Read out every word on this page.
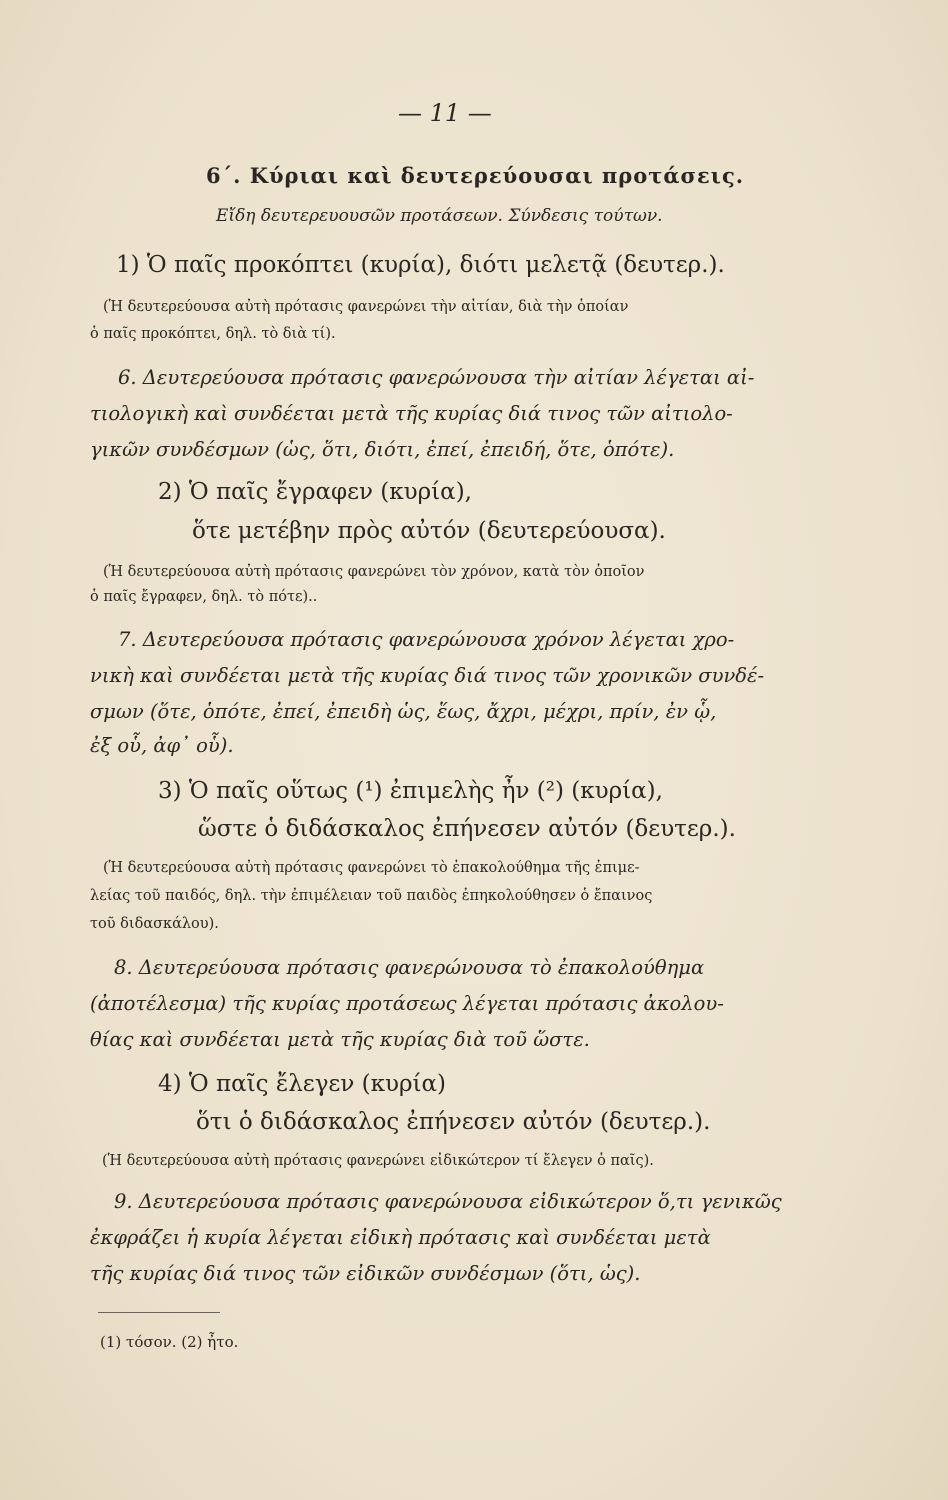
— 11 —
6΄. Κύριαι καὶ δευτερεύουσαι προτάσεις.
Εἴδη δευτερευουσῶν προτάσεων. Σύνδεσις τούτων.
1) Ὁ παῖς προκόπτει (κυρία), διότι μελετᾷ (δευτερ.).
(Ἡ δευτερεύουσα αὐτὴ πρότασις φανερώνει τὴν αἰτίαν, διὰ τὴν ὁποίαν
ὁ παῖς προκόπτει, δηλ. τὸ διὰ τί).
6. Δευτερεύουσα πρότασις φανερώνουσα τὴν αἰτίαν λέγεται αἰ-
τιολογικὴ καὶ συνδέεται μετὰ τῆς κυρίας διά τινος τῶν αἰτιολο-
γικῶν συνδέσμων (ὡς, ὅτι, διότι, ἐπεί, ἐπειδή, ὅτε, ὁπότε).
2) Ὁ παῖς ἔγραφεν (κυρία),
ὅτε μετέβην πρὸς αὐτόν (δευτερεύουσα).
(Ἡ δευτερεύουσα αὐτὴ πρότασις φανερώνει τὸν χρόνον, κατὰ τὸν ὁποῖον
ὁ παῖς ἔγραφεν, δηλ. τὸ πότε)..
7. Δευτερεύουσα πρότασις φανερώνουσα χρόνον λέγεται χρο-
νικὴ καὶ συνδέεται μετὰ τῆς κυρίας διά τινος τῶν χρονικῶν συνδέ-
σμων (ὅτε, ὁπότε, ἐπεί, ἐπειδὴ ὡς, ἕως, ἄχρι, μέχρι, πρίν, ἐν ᾧ,
ἐξ οὗ, ἀφ᾽ οὗ).
3) Ὁ παῖς οὕτως (¹) ἐπιμελὴς ἦν (²) (κυρία),
ὥστε ὁ διδάσκαλος ἐπήνεσεν αὐτόν (δευτερ.).
(Ἡ δευτερεύουσα αὐτὴ πρότασις φανερώνει τὸ ἐπακολούθημα τῆς ἐπιμε-
λείας τοῦ παιδός, δηλ. τὴν ἐπιμέλειαν τοῦ παιδὸς ἐπηκολούθησεν ὁ ἔπαινος
τοῦ διδασκάλου).
8. Δευτερεύουσα πρότασις φανερώνουσα τὸ ἐπακολούθημα
(ἀποτέλεσμα) τῆς κυρίας προτάσεως λέγεται πρότασις ἀκολου-
θίας καὶ συνδέεται μετὰ τῆς κυρίας διὰ τοῦ ὥστε.
4) Ὁ παῖς ἔλεγεν (κυρία)
ὅτι ὁ διδάσκαλος ἐπήνεσεν αὐτόν (δευτερ.).
(Ἡ δευτερεύουσα αὐτὴ πρότασις φανερώνει εἰδικώτερον τί ἔλεγεν ὁ παῖς).
9. Δευτερεύουσα πρότασις φανερώνουσα εἰδικώτερον ὅ,τι γενικῶς
ἐκφράζει ἡ κυρία λέγεται εἰδικὴ πρότασις καὶ συνδέεται μετὰ
τῆς κυρίας διά τινος τῶν εἰδικῶν συνδέσμων (ὅτι, ὡς).
(1) τόσον. (2) ἦτο.
